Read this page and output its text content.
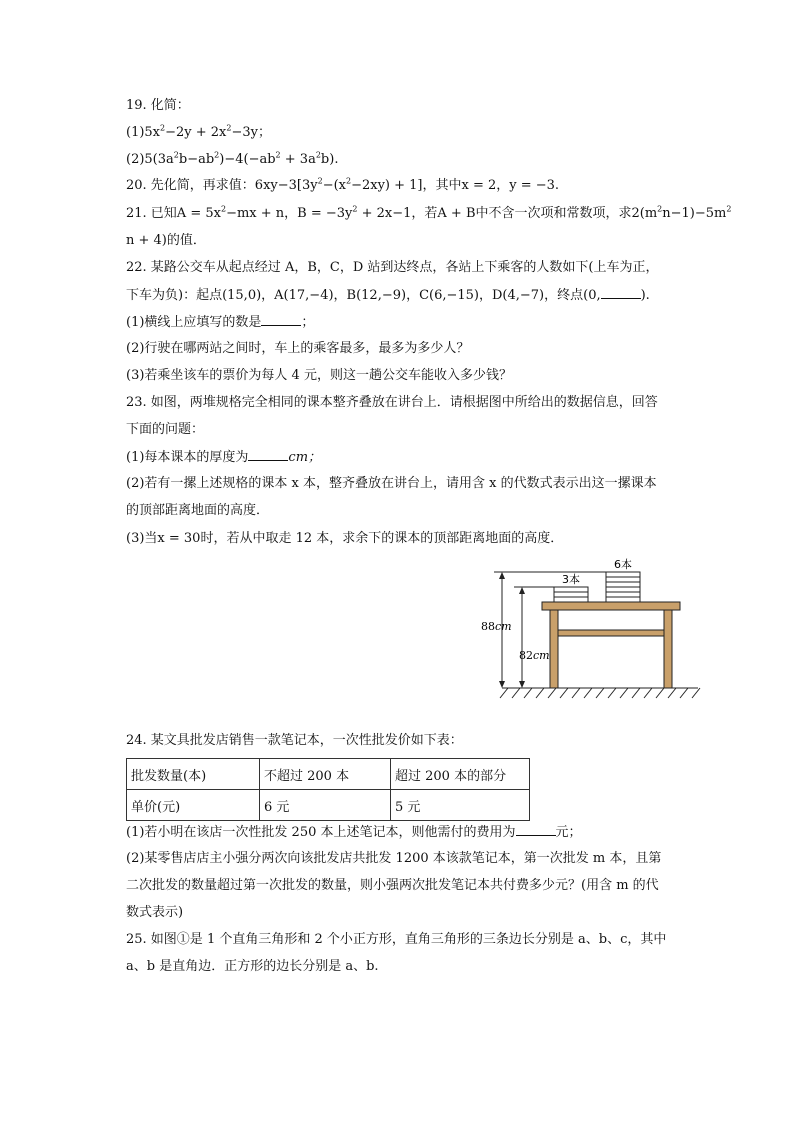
19. 化简：
$(1)5x^2-2y + 2x^2-3y$；
$(2)5(3a^2b-ab^2)-4(-ab^2 + 3a^2b)$.
20. 先化简，再求值：$6xy-3[3y^2-(x^2-2xy) + 1]$，其中x = 2，y = −3.
21. 已知$A = 5x^2-mx + n$，$B = -3y^2 + 2x-1$，若A + B中不含一次项和常数项，求$2(m^2n-1)-5m^2$
n + 4)的值．
22. 某路公交车从起点经过 A，B，C，D 站到达终点，各站上下乘客的人数如下(上车为正，
下车为负)：起点(15,0)，A(17,−4)，B(12,−9)，C(6,−15)，D(4,−7)，终点(0,	).
(1)横线上应填写的数是	；
(2)行驶在哪两站之间时，车上的乘客最多，最多为多少人？
(3)若乘坐该车的票价为每人 4 元，则这一趟公交车能收入多少钱？
23. 如图，两堆规格完全相同的课本整齐叠放在讲台上．请根据图中所给出的数据信息，回答
下面的问题：
(1)每本课本的厚度为	cm；
(2)若有一摞上述规格的课本 x 本，整齐叠放在讲台上，请用含 x 的代数式表示出这一摞课本
的顶部距离地面的高度．
(3)当x = 30时，若从中取走 12 本，求余下的课本的顶部距离地面的高度．
88cm
82cm
6本
3本
24. 某文具批发店销售一款笔记本，一次性批发价如下表：
批发数量(本)	不超过 200 本	超过 200 本的部分
单价(元)	6 元	5 元
(1)若小明在该店一次性批发 250 本上述笔记本，则他需付的费用为	元；
(2)某零售店店主小强分两次向该批发店共批发 1200 本该款笔记本，第一次批发 m 本，且第
二次批发的数量超过第一次批发的数量，则小强两次批发笔记本共付费多少元？(用含 m 的代
数式表示)
25. 如图①是 1 个直角三角形和 2 个小正方形，直角三角形的三条边长分别是 a、b、c，其中
a、b 是直角边．正方形的边长分别是 a、b.
